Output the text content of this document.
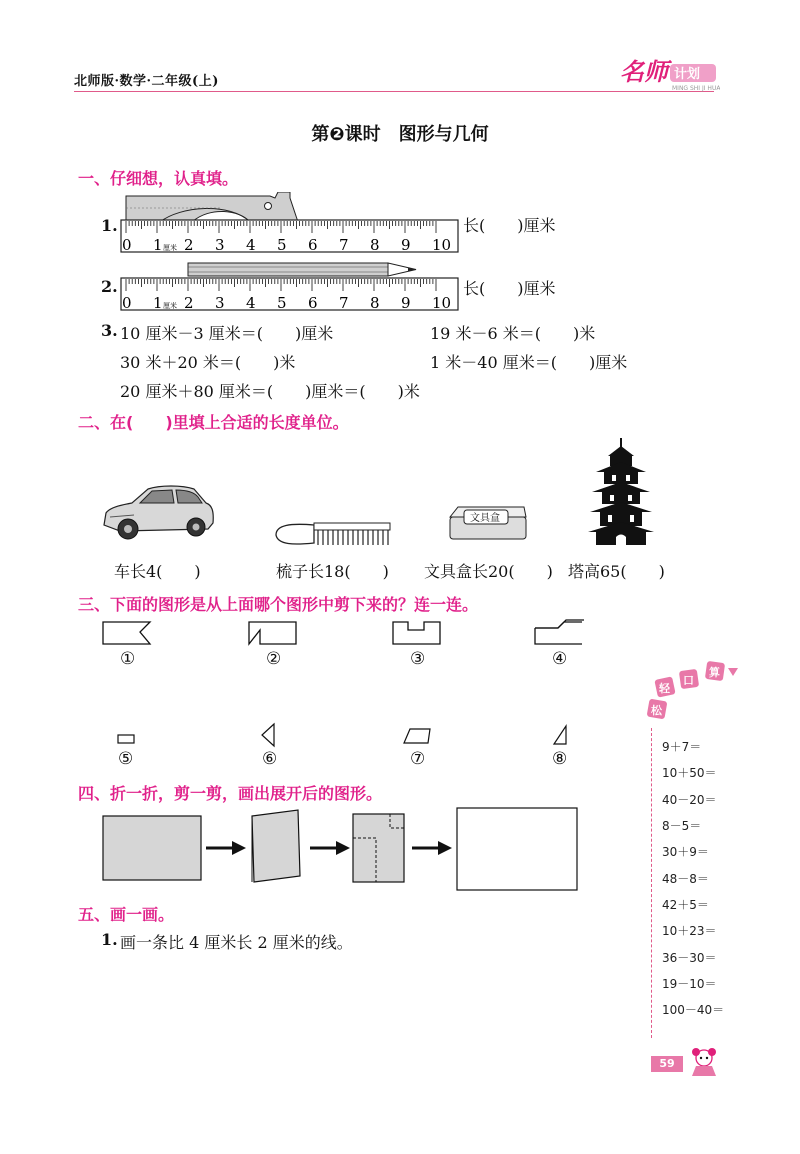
北师版·数学·二年级(上)	名师 计划
MING SHI JI HUA
第❷课时　图形与几何
一、仔细想，认真填。
1.
0 1 2 3 4 5 6 7 8 9 10
厘米
长(　　)厘米
2.
0 1 2 3 4 5 6 7 8 9 10
厘米
长(　　)厘米
3. 10 厘米－3 厘米＝(　　)厘米	19 米－6 米＝(　　)米
30 米＋20 米＝(　　)米	1 米－40 厘米＝(　　)厘米
20 厘米＋80 厘米＝(　　)厘米＝(　　)米
二、在(　　)里填上合适的长度单位。
文具盒
车长4(　　)	梳子长18(　　) 文具盒长20(　　) 塔高65(　　)
三、下面的图形是从上面哪个图形中剪下来的？连一连。
①	②	③	④
⑤	⑥	⑦	⑧
四、折一折，剪一剪，画出展开后的图形。
五、画一画。
1. 画一条比 4 厘米长 2 厘米的线。
轻
松
口
算
9＋7＝
10＋50＝
40－20＝
8－5＝
30＋9＝
48－8＝
42＋5＝
10＋23＝
36－30＝
19－10＝
100－40＝
59
